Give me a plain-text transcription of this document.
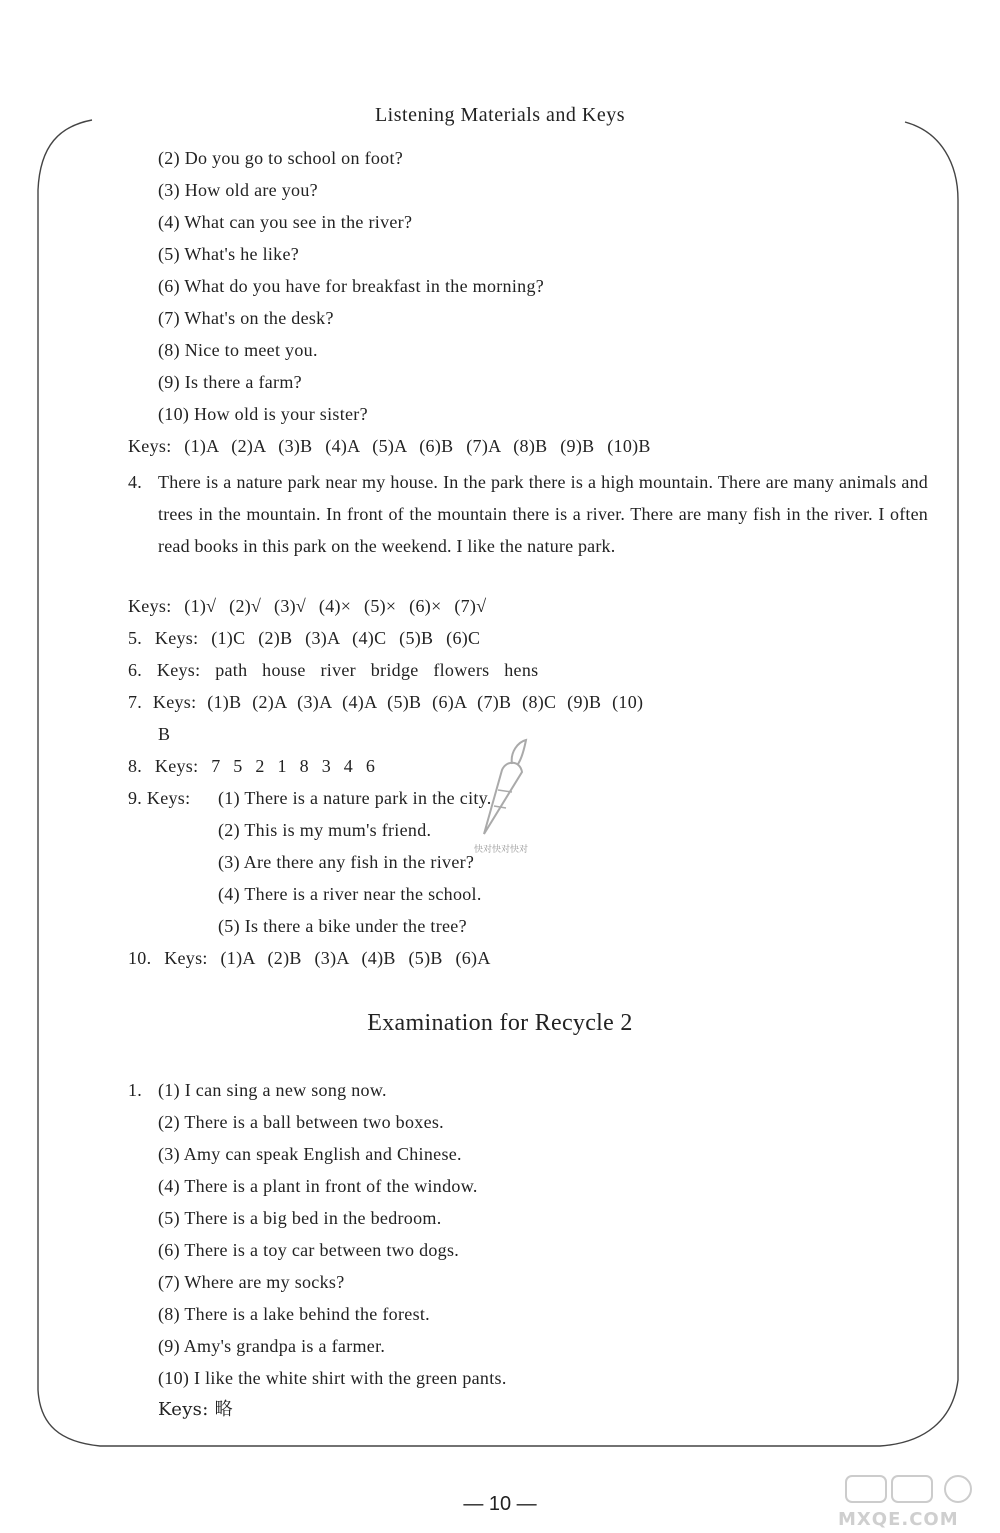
Listening Materials and Keys
(2) Do you go to school on foot?
(3) How old are you?
(4) What can you see in the river?
(5) What's he like?
(6) What do you have for breakfast in the morning?
(7) What's on the desk?
(8) Nice to meet you.
(9) Is there a farm?
(10) How old is your sister?
Keys: (1)A (2)A (3)B (4)A (5)A (6)B (7)A (8)B (9)B (10)B
4. There is a nature park near my house. In the park there is a high mountain. There are many animals and trees in the mountain. In front of the mountain there is a river. There are many fish in the river. I often read books in this park on the weekend. I like the nature park.
Keys: (1)√ (2)√ (3)√ (4)× (5)× (6)× (7)√
5. Keys: (1)C (2)B (3)A (4)C (5)B (6)C
6. Keys: path house river bridge flowers hens
7. Keys: (1)B (2)A (3)A (4)A (5)B (6)A (7)B (8)C (9)B (10)
B
8. Keys: 7 5 2 1 8 3 4 6
9. Keys: (1) There is a nature park in the city.
(2) This is my mum's friend.
(3) Are there any fish in the river?
(4) There is a river near the school.
(5) Is there a bike under the tree?
10. Keys: (1)A (2)B (3)A (4)B (5)B (6)A
快对快对快对
Examination for Recycle 2
1. (1) I can sing a new song now.
(2) There is a ball between two boxes.
(3) Amy can speak English and Chinese.
(4) There is a plant in front of the window.
(5) There is a big bed in the bedroom.
(6) There is a toy car between two dogs.
(7) Where are my socks?
(8) There is a lake behind the forest.
(9) Amy's grandpa is a farmer.
(10) I like the white shirt with the green pants.
Keys: 略
— 10 —
MXQE.COM
